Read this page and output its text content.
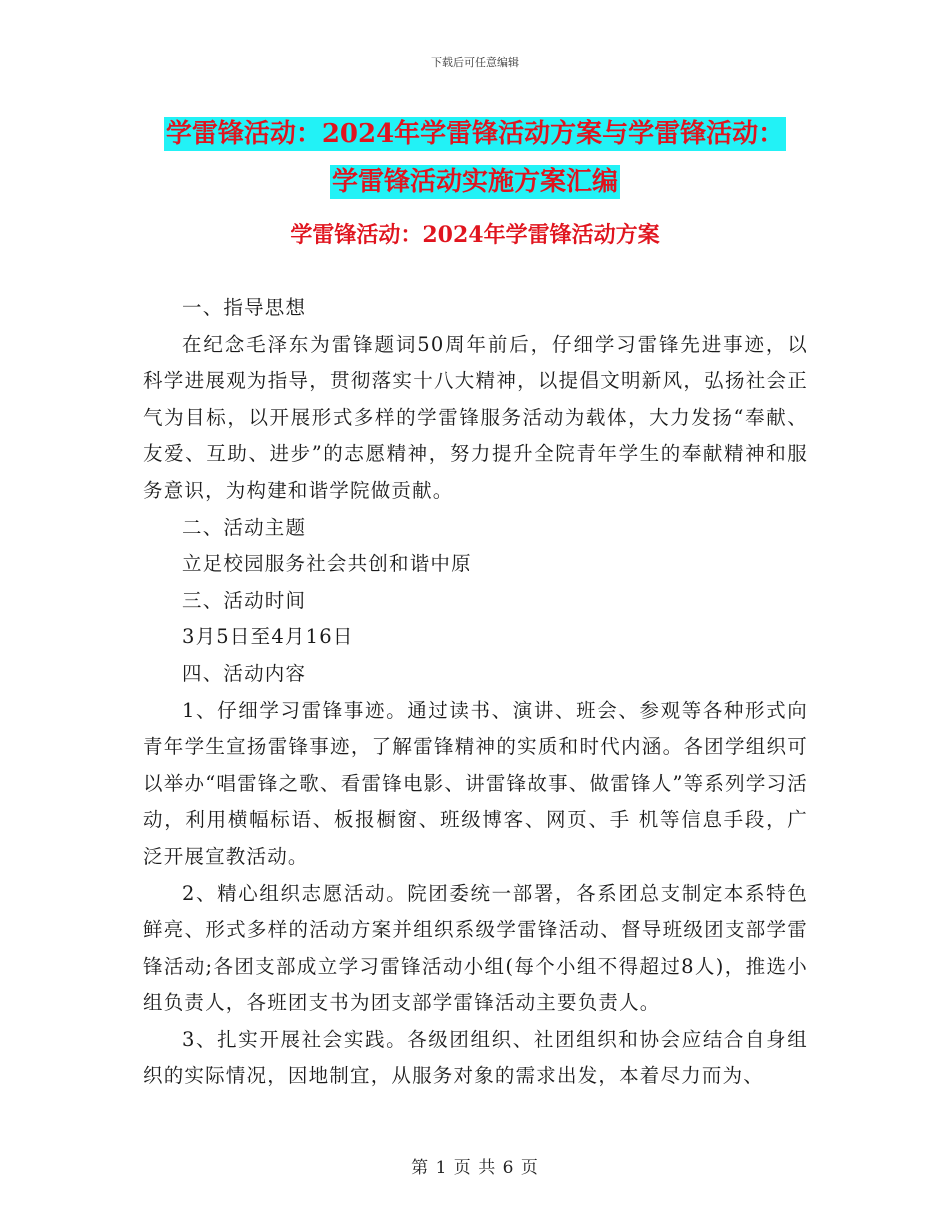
下载后可任意编辑
学雷锋活动：2024年学雷锋活动方案与学雷锋活动：
学雷锋活动实施方案汇编
学雷锋活动：2024年学雷锋活动方案

一、指导思想

在纪念毛泽东为雷锋题词50周年前后，仔细学习雷锋先进事迹，以科学进展观为指导，贯彻落实十八大精神，以提倡文明新风，弘扬社会正气为目标，以开展形式多样的学雷锋服务活动为载体，大力发扬“奉献、友爱、互助、进步”的志愿精神，努力提升全院青年学生的奉献精神和服务意识，为构建和谐学院做贡献。

二、活动主题

立足校园服务社会共创和谐中原

三、活动时间

3月5日至4月16日

四、活动内容

1、仔细学习雷锋事迹。通过读书、演讲、班会、参观等各种形式向青年学生宣扬雷锋事迹，了解雷锋精神的实质和时代内涵。各团学组织可以举办“唱雷锋之歌、看雷锋电影、讲雷锋故事、做雷锋人”等系列学习活动，利用横幅标语、板报橱窗、班级博客、网页、手 机等信息手段，广泛开展宣教活动。

2、精心组织志愿活动。院团委统一部署，各系团总支制定本系特色鲜亮、形式多样的活动方案并组织系级学雷锋活动、督导班级团支部学雷锋活动;各团支部成立学习雷锋活动小组(每个小组不得超过8人)，推选小组负责人，各班团支书为团支部学雷锋活动主要负责人。

3、扎实开展社会实践。各级团组织、社团组织和协会应结合自身组织的实际情况，因地制宜，从服务对象的需求出发，本着尽力而为、

第 1 页 共 6 页
